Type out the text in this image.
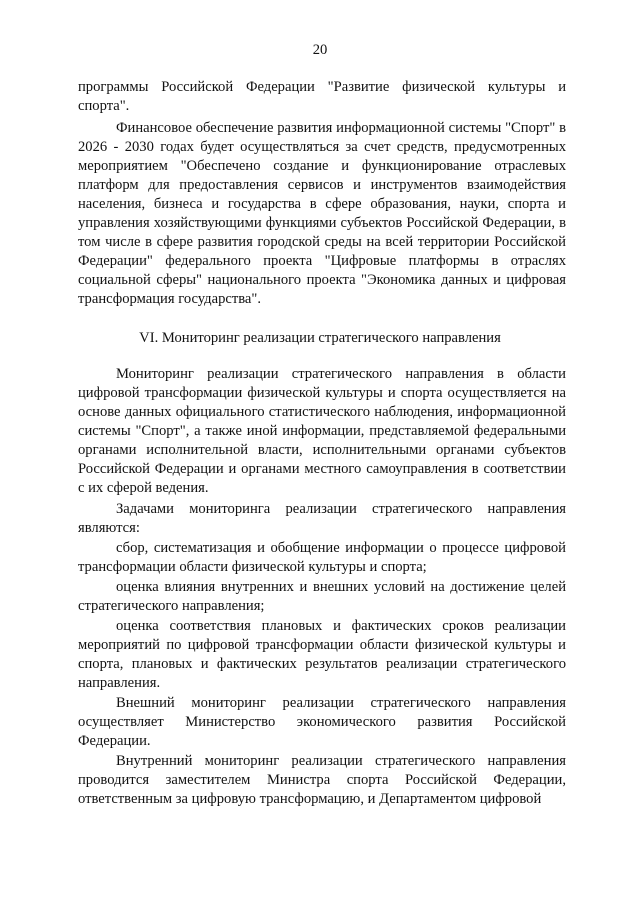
20

программы Российской Федерации "Развитие физической культуры и спорта".

Финансовое обеспечение развития информационной системы "Спорт" в 2026 - 2030 годах будет осуществляться за счет средств, предусмотренных мероприятием "Обеспечено создание и функционирование отраслевых платформ для предоставления сервисов и инструментов взаимодействия населения, бизнеса и государства в сфере образования, науки, спорта и управления хозяйствующими функциями субъектов Российской Федерации, в том числе в сфере развития городской среды на всей территории Российской Федерации" федерального проекта "Цифровые платформы в отраслях социальной сферы" национального проекта "Экономика данных и цифровая трансформация государства".

VI. Мониторинг реализации стратегического направления

Мониторинг реализации стратегического направления в области цифровой трансформации физической культуры и спорта осуществляется на основе данных официального статистического наблюдения, информационной системы "Спорт", а также иной информации, представляемой федеральными органами исполнительной власти, исполнительными органами субъектов Российской Федерации и органами местного самоуправления в соответствии с их сферой ведения.

Задачами мониторинга реализации стратегического направления являются:

сбор, систематизация и обобщение информации о процессе цифровой трансформации области физической культуры и спорта;

оценка влияния внутренних и внешних условий на достижение целей стратегического направления;

оценка соответствия плановых и фактических сроков реализации мероприятий по цифровой трансформации области физической культуры и спорта, плановых и фактических результатов реализации стратегического направления.

Внешний мониторинг реализации стратегического направления осуществляет Министерство экономического развития Российской Федерации.

Внутренний мониторинг реализации стратегического направления проводится заместителем Министра спорта Российской Федерации, ответственным за цифровую трансформацию, и Департаментом цифровой
